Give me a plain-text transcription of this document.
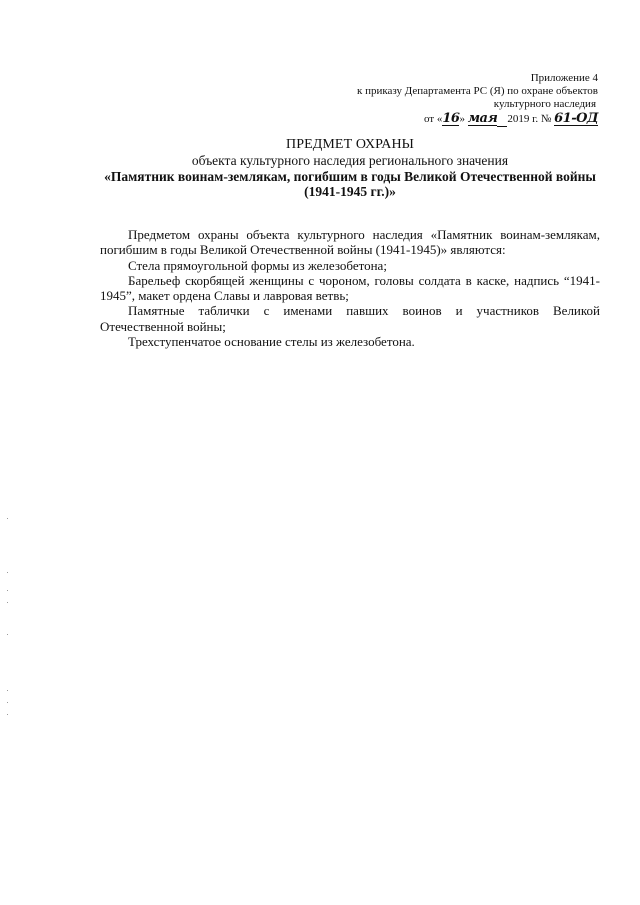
Приложение 4
к приказу Департамента РС (Я) по охране объектов
культурного наследия
от «16» мая 2019 г. № 61-ОД
ПРЕДМЕТ ОХРАНЫ
объекта культурного наследия регионального значения
«Памятник воинам-землякам, погибшим в годы Великой Отечественной войны
(1941-1945 гг.)»

Предметом охраны объекта культурного наследия «Памятник воинам-землякам, погибшим в годы Великой Отечественной войны (1941-1945)» являются:

Стела прямоугольной формы из железобетона;

Барельеф скорбящей женщины с чороном, головы солдата в каске, надпись “1941-1945”, макет ордена Славы и лавровая ветвь;

Памятные таблички с именами павших воинов и участников Великой Отечественной войны;

Трехступенчатое основание стелы из железобетона.
